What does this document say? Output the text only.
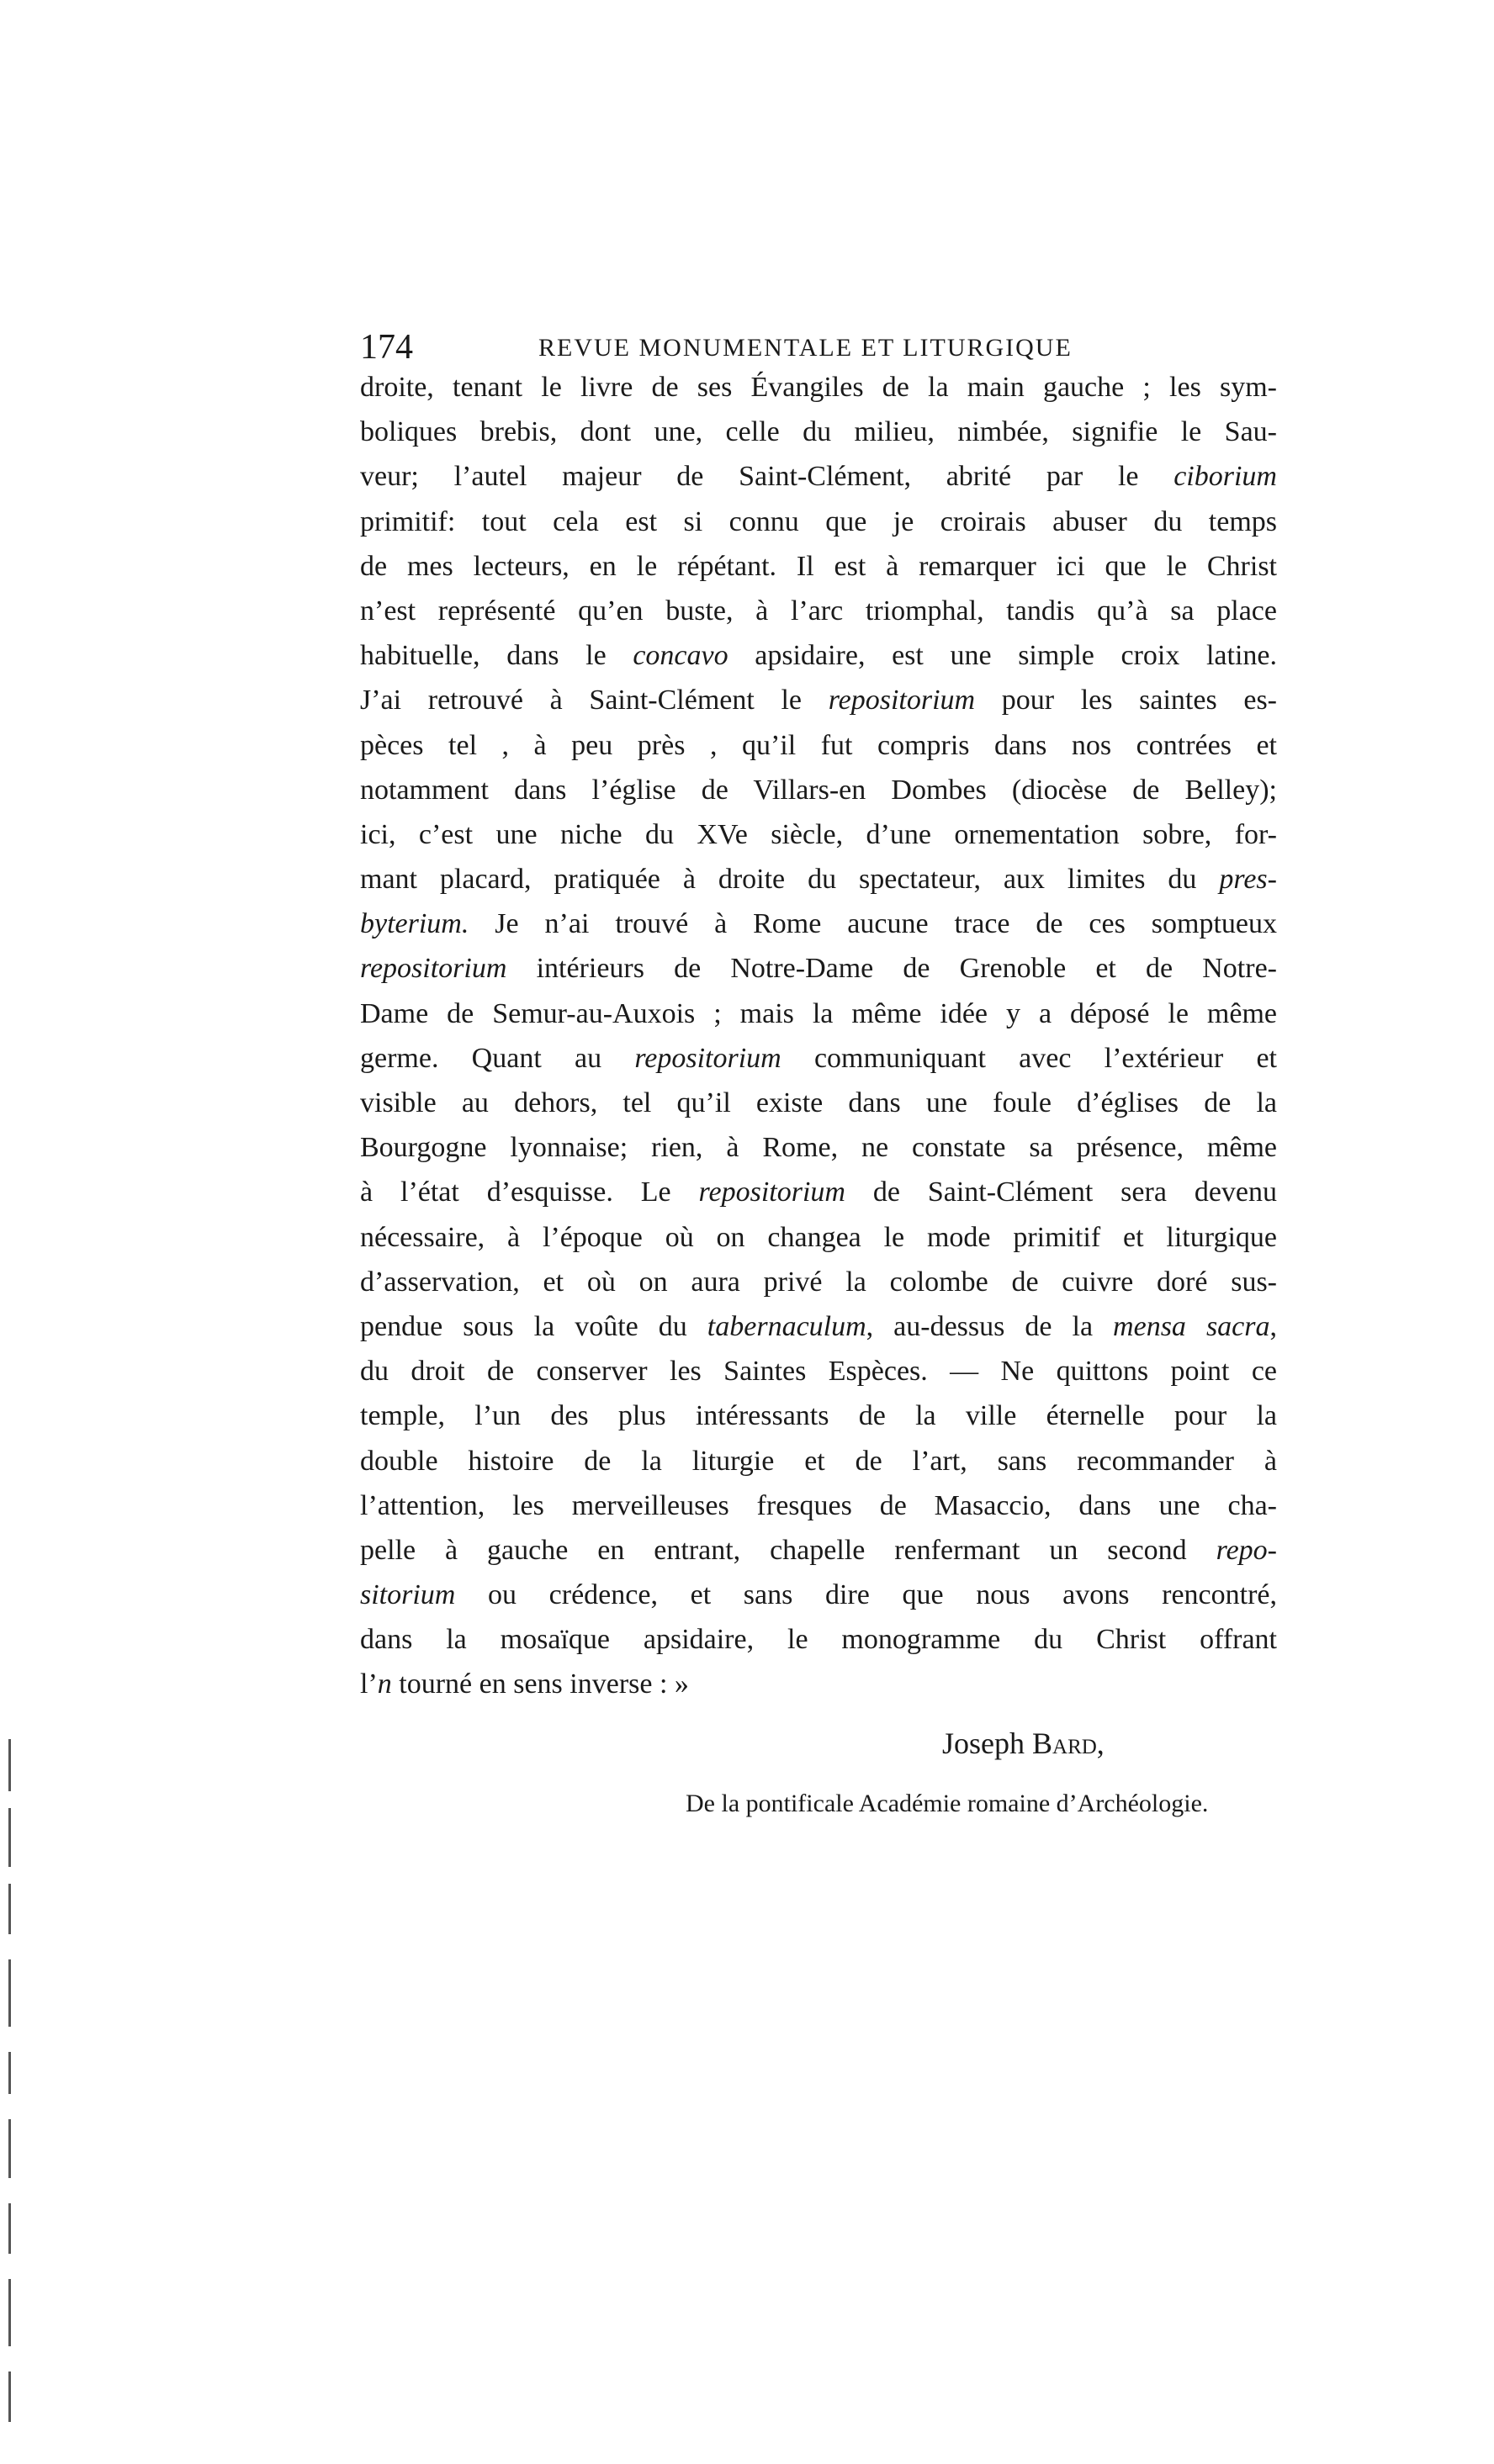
174	REVUE MONUMENTALE ET LITURGIQUE
droite, tenant le livre de ses Évangiles de la main gauche ; les sym-
boliques brebis, dont une, celle du milieu, nimbée, signifie le Sau-
veur; l’autel majeur de Saint-Clément, abrité par le ciborium
primitif: tout cela est si connu que je croirais abuser du temps
de mes lecteurs, en le répétant. Il est à remarquer ici que le Christ
n’est représenté qu’en buste, à l’arc triomphal, tandis qu’à sa place
habituelle, dans le concavo apsidaire, est une simple croix latine.
J’ai retrouvé à Saint-Clément le repositorium pour les saintes es-
pèces tel , à peu près , qu’il fut compris dans nos contrées et
notamment dans l’église de Villars-en Dombes (diocèse de Belley);
ici, c’est une niche du XVe siècle, d’une ornementation sobre, for-
mant placard, pratiquée à droite du spectateur, aux limites du pres-
byterium. Je n’ai trouvé à Rome aucune trace de ces somptueux
repositorium intérieurs de Notre-Dame de Grenoble et de Notre-
Dame de Semur-au-Auxois ; mais la même idée y a déposé le même
germe. Quant au repositorium communiquant avec l’extérieur et
visible au dehors, tel qu’il existe dans une foule d’églises de la
Bourgogne lyonnaise; rien, à Rome, ne constate sa présence, même
à l’état d’esquisse. Le repositorium de Saint-Clément sera devenu
nécessaire, à l’époque où on changea le mode primitif et liturgique
d’asservation, et où on aura privé la colombe de cuivre doré sus-
pendue sous la voûte du tabernaculum, au-dessus de la mensa sacra,
du droit de conserver les Saintes Espèces. — Ne quittons point ce
temple, l’un des plus intéressants de la ville éternelle pour la
double histoire de la liturgie et de l’art, sans recommander à
l’attention, les merveilleuses fresques de Masaccio, dans une cha-
pelle à gauche en entrant, chapelle renfermant un second repo-
sitorium ou crédence, et sans dire que nous avons rencontré,
dans la mosaïque apsidaire, le monogramme du Christ offrant
l’n tourné en sens inverse : »
Joseph Bard,
De la pontificale Académie romaine d’Archéologie.
